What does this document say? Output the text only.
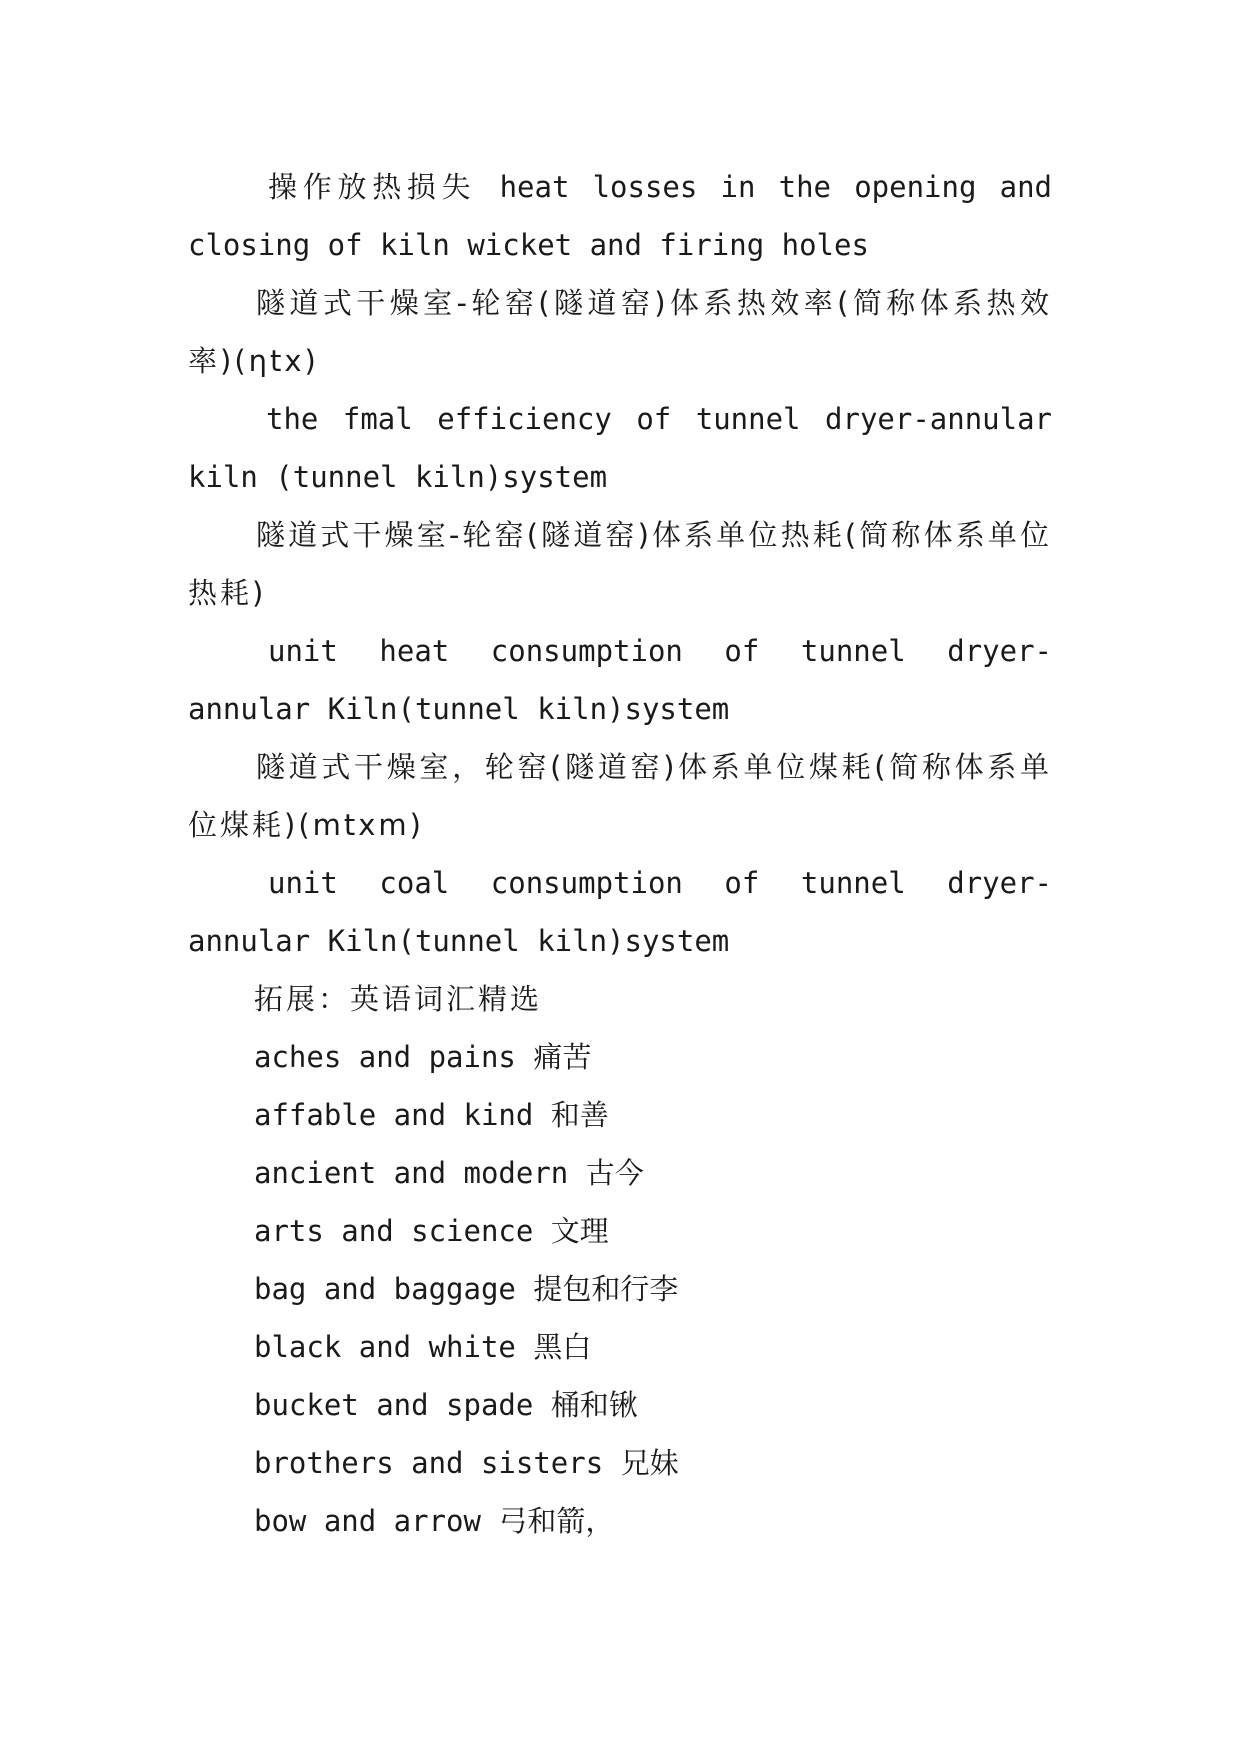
操作放热损失 heat losses in the opening and closing of kiln wicket and firing holes

隧道式干燥室-轮窑(隧道窑)体系热效率(简称体系热效率)(ηtx)

the fmal efficiency of tunnel dryer-annular kiln (tunnel kiln)system

隧道式干燥室-轮窑(隧道窑)体系单位热耗(简称体系单位热耗)

unit heat consumption of tunnel dryer-annular Kiln(tunnel kiln)system

隧道式干燥室，轮窑(隧道窑)体系单位煤耗(简称体系单位煤耗)(mtxm)

unit coal consumption of tunnel dryer-annular Kiln(tunnel kiln)system

拓展：英语词汇精选

aches and pains 痛苦

affable and kind 和善

ancient and modern 古今

arts and science 文理

bag and baggage 提包和行李

black and white 黑白

bucket and spade 桶和锹

brothers and sisters 兄妹

bow and arrow 弓和箭，
